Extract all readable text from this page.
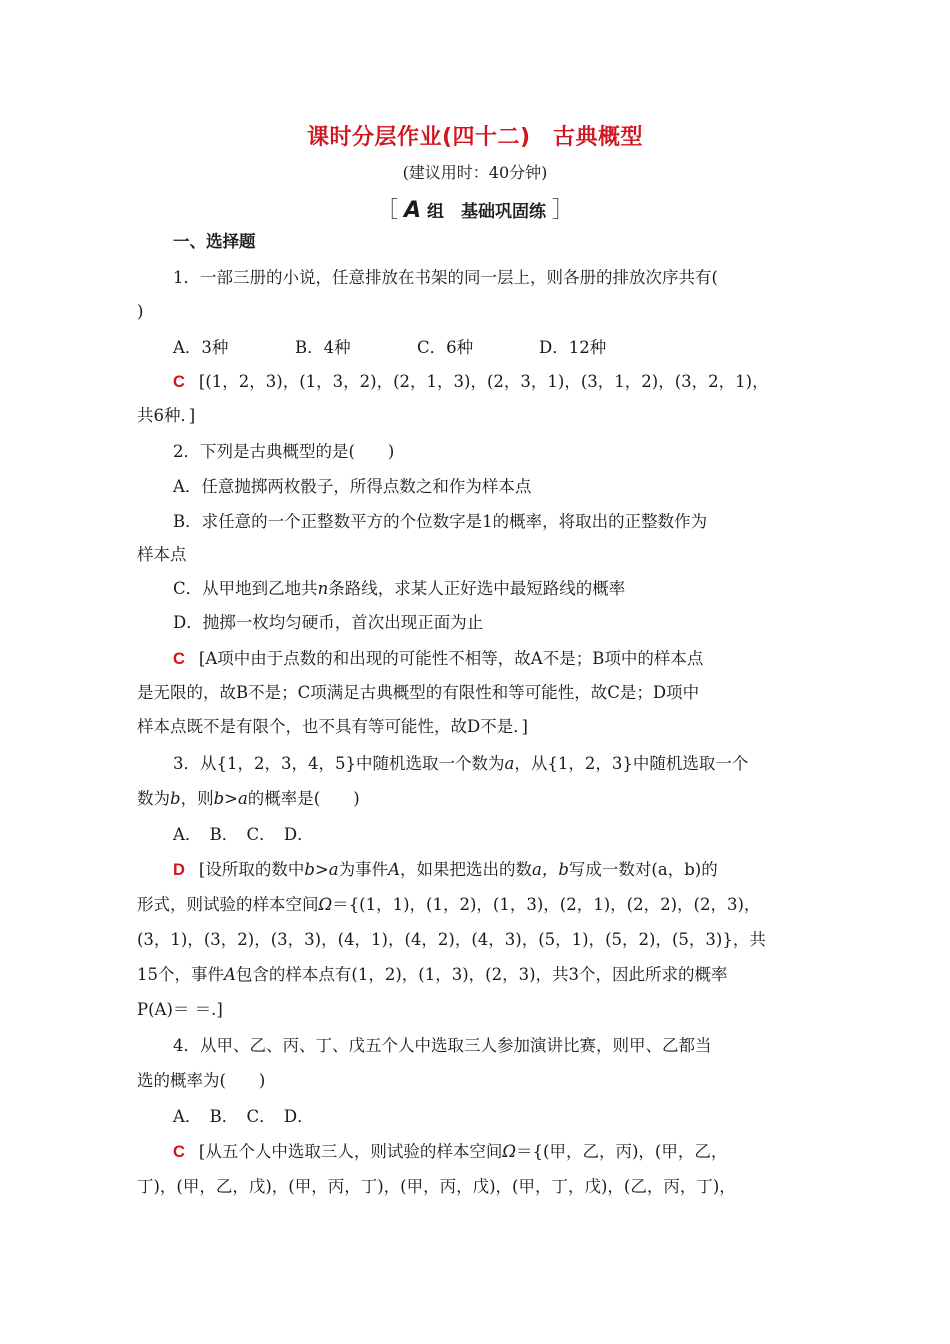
课时分层作业(四十二)　古典概型
(建议用时：40分钟)
［ A 组　基础巩固练 ］
一、选择题
1．一部三册的小说，任意排放在书架的同一层上，则各册的排放次序共有(
)
A．3种	B．4种	C．6种	D．12种
C [(1，2，3)，(1，3，2)，(2，1，3)，(2，3，1)，(3，1，2)，(3，2，1)，
共6种．]
2．下列是古典概型的是(　　)
A．任意抛掷两枚骰子，所得点数之和作为样本点
B．求任意的一个正整数平方的个位数字是1的概率，将取出的正整数作为
样本点
C．从甲地到乙地共n条路线，求某人正好选中最短路线的概率
D．抛掷一枚均匀硬币，首次出现正面为止
C [A项中由于点数的和出现的可能性不相等，故A不是；B项中的样本点
是无限的，故B不是；C项满足古典概型的有限性和等可能性，故C是；D项中
样本点既不是有限个，也不具有等可能性，故D不是．]
3．从{1，2，3，4，5}中随机选取一个数为a，从{1，2，3}中随机选取一个
数为b，则b>a的概率是(　　)
A．　B．　C．　D．
D [设所取的数中b>a为事件A，如果把选出的数a，b写成一数对(a，b)的
形式，则试验的样本空间Ω＝{(1，1)，(1，2)，(1，3)，(2，1)，(2，2)，(2，3)，
(3，1)，(3，2)，(3，3)，(4，1)，(4，2)，(4，3)，(5，1)，(5，2)，(5，3)}，共
15个，事件A包含的样本点有(1，2)，(1，3)，(2，3)，共3个，因此所求的概率
P(A)＝ ＝.]
4．从甲、乙、丙、丁、戊五个人中选取三人参加演讲比赛，则甲、乙都当
选的概率为(　　)
A．　B．　C．　D．
C [从五个人中选取三人，则试验的样本空间Ω＝{(甲，乙，丙)，(甲，乙，
丁)，(甲，乙，戊)，(甲，丙，丁)，(甲，丙，戊)，(甲，丁，戊)，(乙，丙，丁)，
